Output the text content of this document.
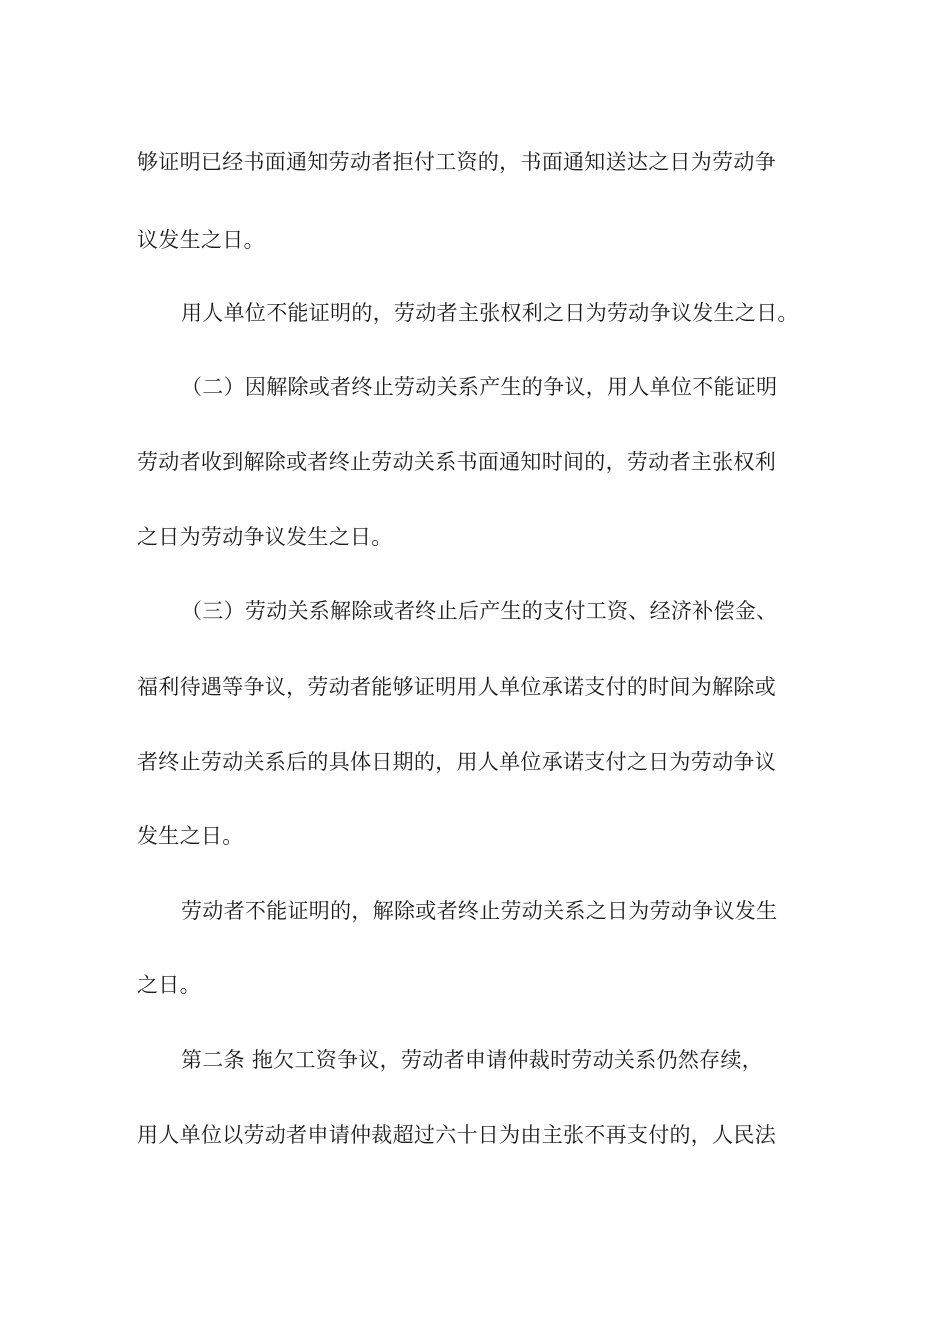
够证明已经书面通知劳动者拒付工资的，书面通知送达之日为劳动争
议发生之日。
用人单位不能证明的，劳动者主张权利之日为劳动争议发生之日。
（二）因解除或者终止劳动关系产生的争议，用人单位不能证明
劳动者收到解除或者终止劳动关系书面通知时间的，劳动者主张权利
之日为劳动争议发生之日。
（三）劳动关系解除或者终止后产生的支付工资、经济补偿金、
福利待遇等争议，劳动者能够证明用人单位承诺支付的时间为解除或
者终止劳动关系后的具体日期的，用人单位承诺支付之日为劳动争议
发生之日。
劳动者不能证明的，解除或者终止劳动关系之日为劳动争议发生
之日。
第二条 拖欠工资争议，劳动者申请仲裁时劳动关系仍然存续，
用人单位以劳动者申请仲裁超过六十日为由主张不再支付的，人民法
